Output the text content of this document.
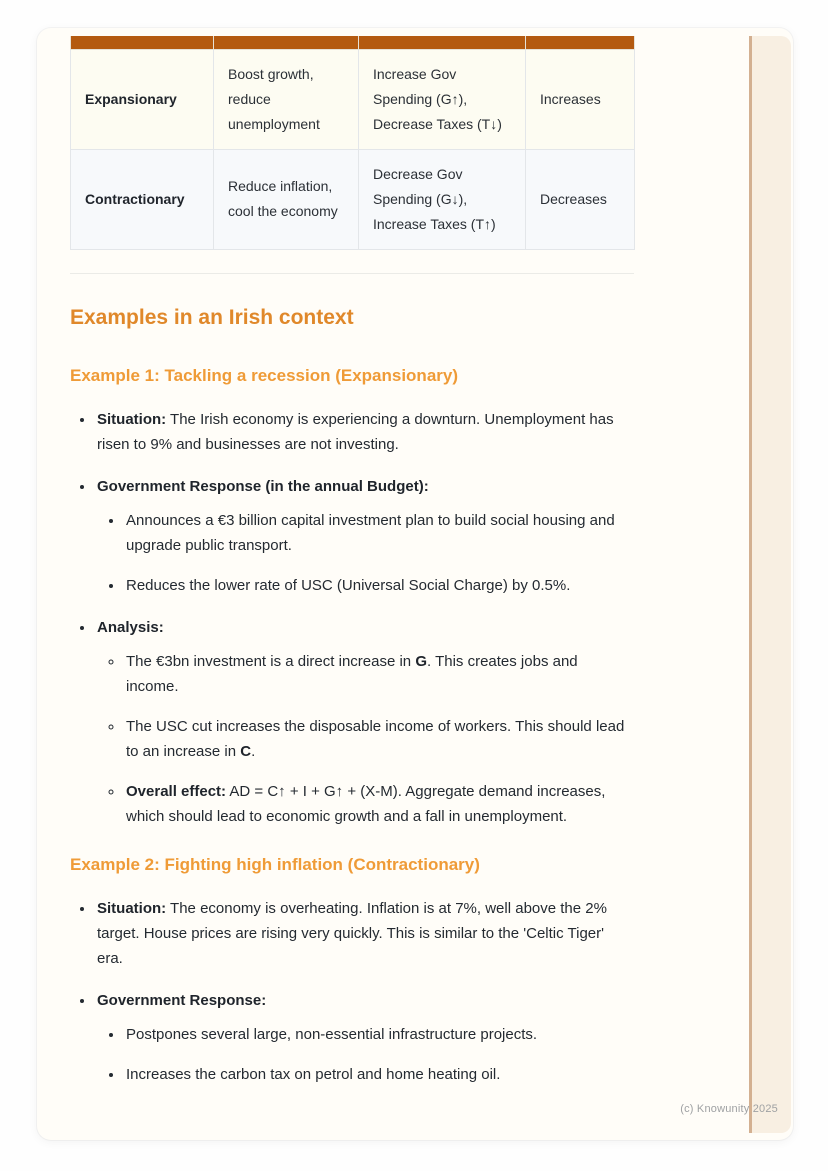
Expansionary	Boost growth, reduce unemployment	Increase Gov Spending (G↑), Decrease Taxes (T↓)	Increases
Contractionary	Reduce inflation, cool the economy	Decrease Gov Spending (G↓), Increase Taxes (T↑)	Decreases
Examples in an Irish context
Example 1: Tackling a recession (Expansionary)
• Situation: The Irish economy is experiencing a downturn. Unemployment has risen to 9% and businesses are not investing.
• Government Response (in the annual Budget):
• Announces a €3 billion capital investment plan to build social housing and upgrade public transport.
• Reduces the lower rate of USC (Universal Social Charge) by 0.5%.
• Analysis:
◦ The €3bn investment is a direct increase in G. This creates jobs and income.
◦ The USC cut increases the disposable income of workers. This should lead to an increase in C.
◦ Overall effect: AD = C↑ + I + G↑ + (X-M). Aggregate demand increases, which should lead to economic growth and a fall in unemployment.
Example 2: Fighting high inflation (Contractionary)
• Situation: The economy is overheating. Inflation is at 7%, well above the 2% target. House prices are rising very quickly. This is similar to the 'Celtic Tiger' era.
• Government Response:
• Postpones several large, non-essential infrastructure projects.
• Increases the carbon tax on petrol and home heating oil.
(c) Knowunity 2025
